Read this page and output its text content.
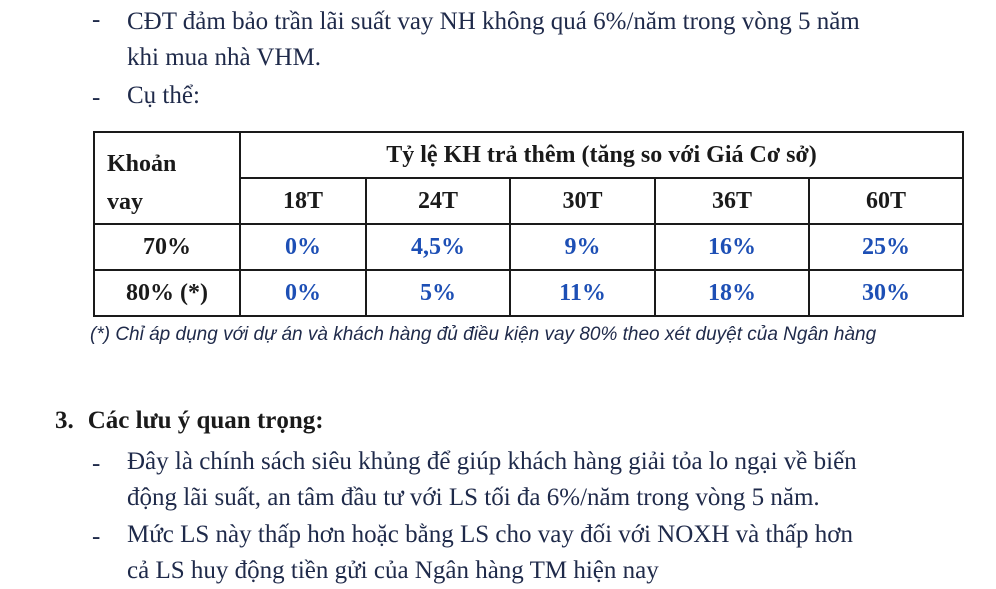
- CĐT đảm bảo trần lãi suất vay NH không quá 6%/năm trong vòng 5 năm
khi mua nhà VHM.
- Cụ thể:
Khoản
vay	Tỷ lệ KH trả thêm (tăng so với Giá Cơ sở)				
	18T	24T	30T	36T	60T
70%	0%	4,5%	9%	16%	25%
80% (*)	0%	5%	11%	18%	30%
(*) Chỉ áp dụng với dự án và khách hàng đủ điều kiện vay 80% theo xét duyệt của Ngân hàng
3. Các lưu ý quan trọng:
- Đây là chính sách siêu khủng để giúp khách hàng giải tỏa lo ngại về biến
động lãi suất, an tâm đầu tư với LS tối đa 6%/năm trong vòng 5 năm.
- Mức LS này thấp hơn hoặc bằng LS cho vay đối với NOXH và thấp hơn
cả LS huy động tiền gửi của Ngân hàng TM hiện nay
